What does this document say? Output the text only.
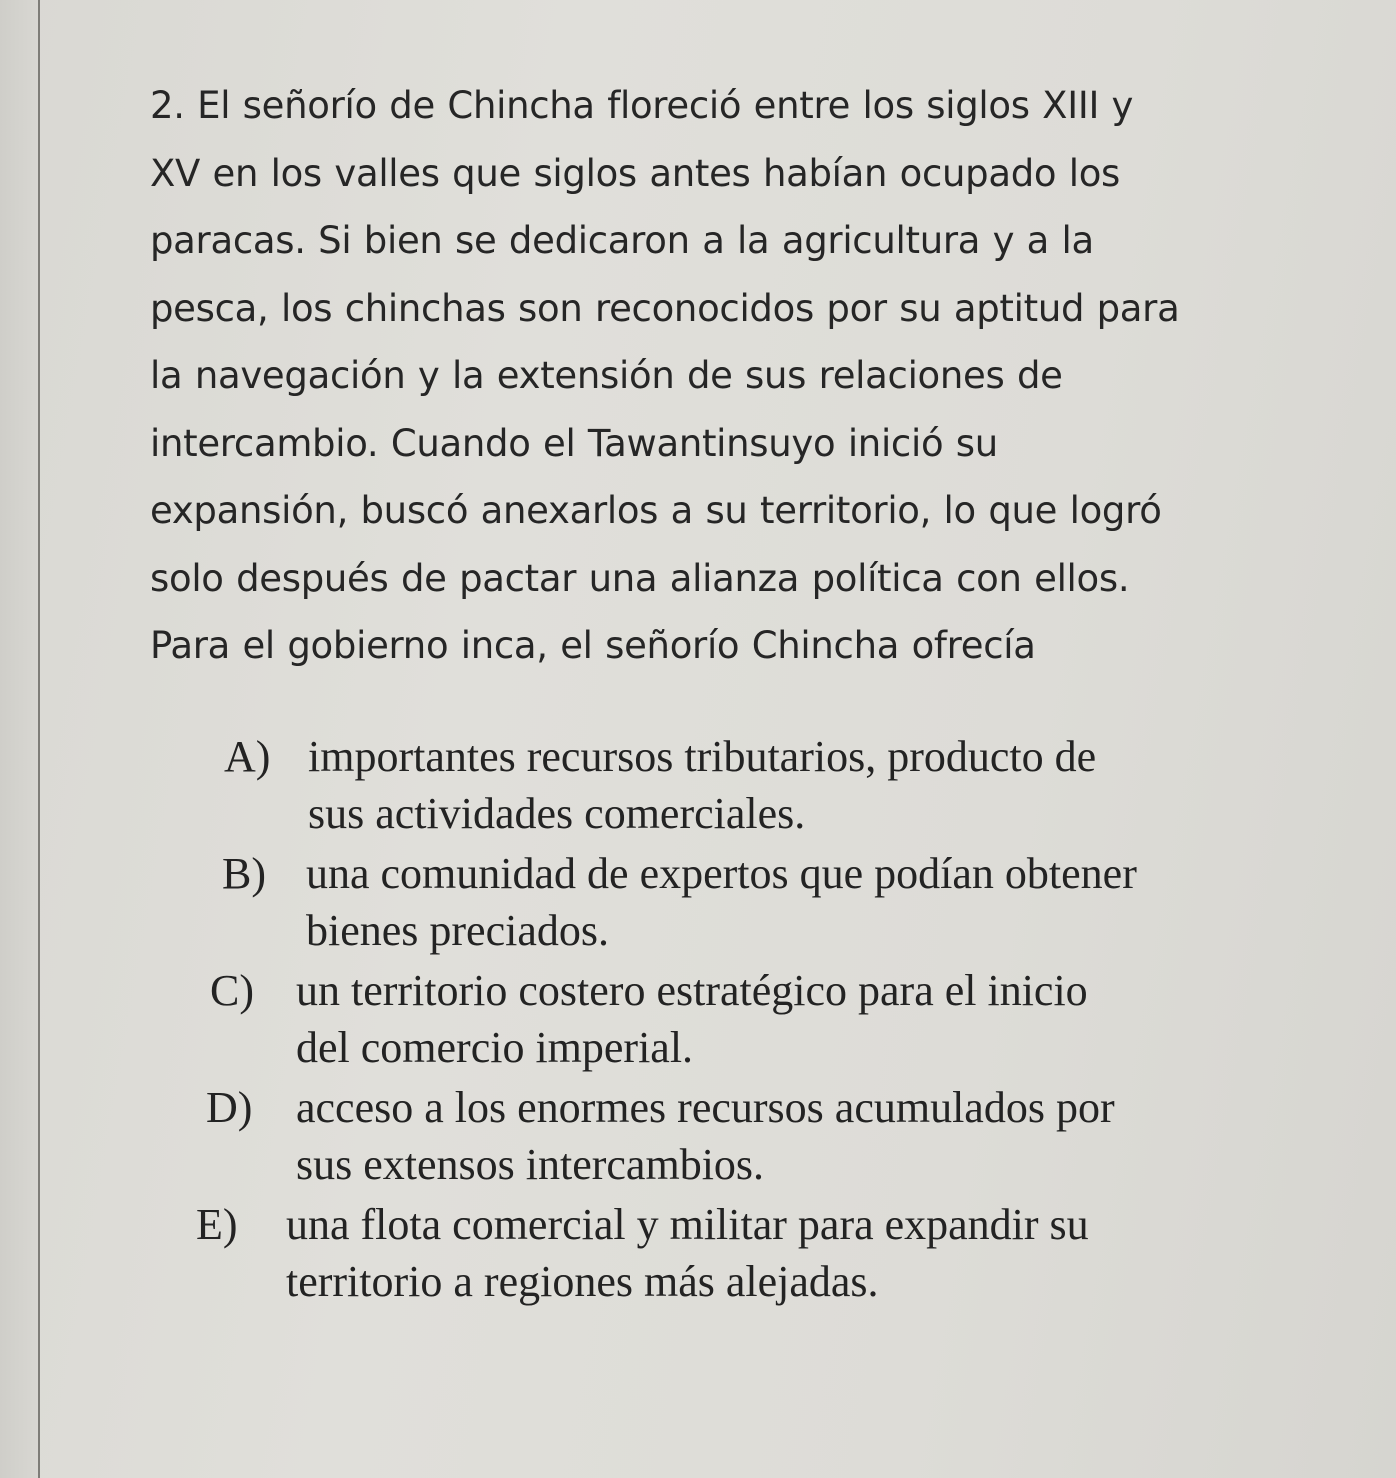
2. El señorío de Chincha floreció entre los siglos XIII y
XV en los valles que siglos antes habían ocupado los
paracas. Si bien se dedicaron a la agricultura y a la
pesca, los chinchas son reconocidos por su aptitud para
la navegación y la extensión de sus relaciones de
intercambio. Cuando el Tawantinsuyo inició su
expansión, buscó anexarlos a su territorio, lo que logró
solo después de pactar una alianza política con ellos.
Para el gobierno inca, el señorío Chincha ofrecía

A) importantes recursos tributarios, producto de
sus actividades comerciales.
B) una comunidad de expertos que podían obtener
bienes preciados.
C) un territorio costero estratégico para el inicio
del comercio imperial.
D) acceso a los enormes recursos acumulados por
sus extensos intercambios.
E) una flota comercial y militar para expandir su
territorio a regiones más alejadas.
